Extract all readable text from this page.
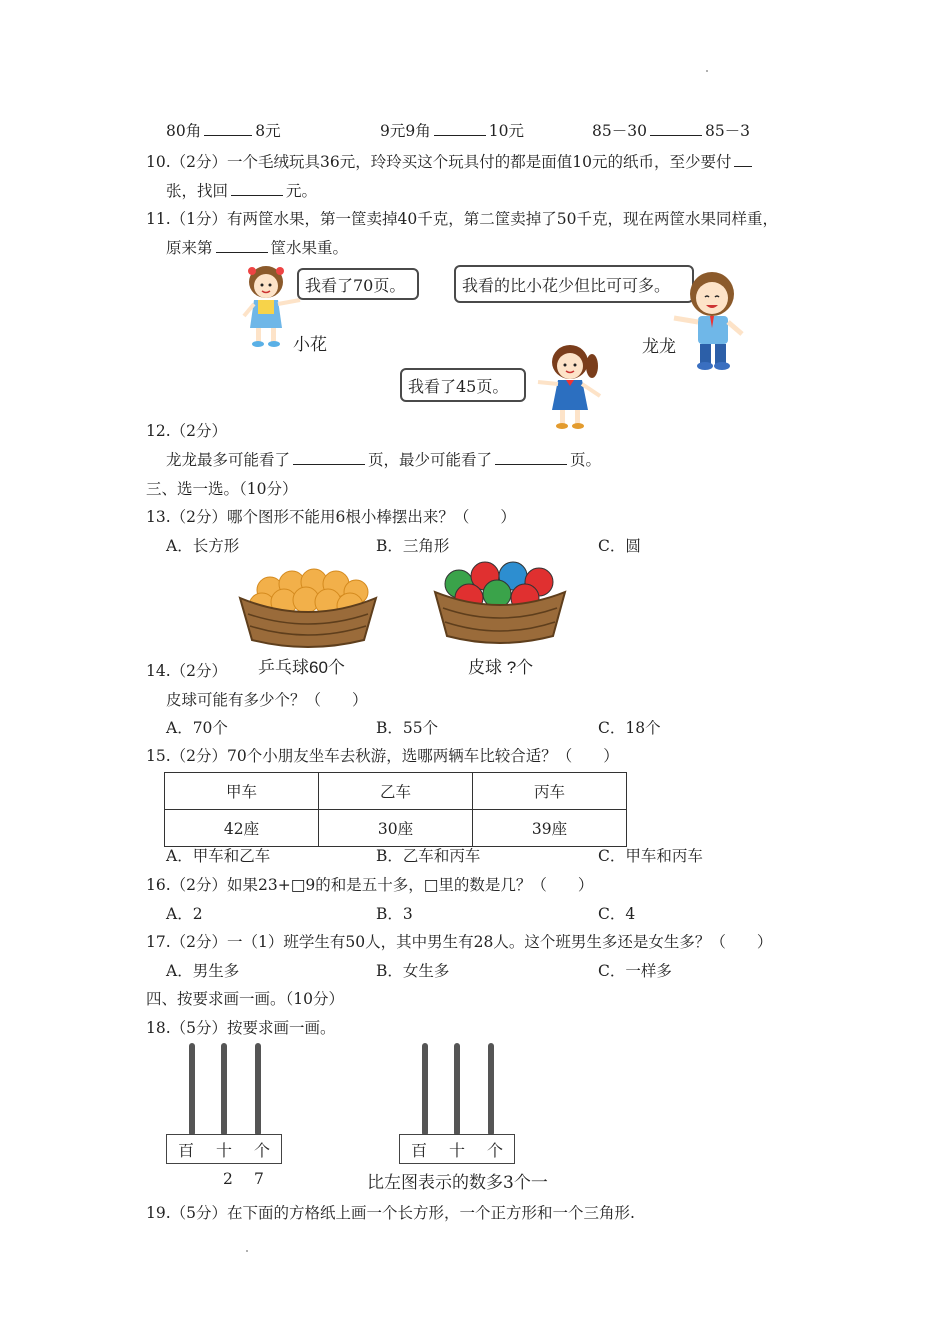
80角	8元	9元9角	10元	85－30	85－3
10.（2分）一个毛绒玩具36元，玲玲买这个玩具付的都是面值10元的纸币，至少要付
张，找回	元。
11.（1分）有两筐水果，第一筐卖掉40千克，第二筐卖掉了50千克，现在两筐水果同样重，
原来第	筐水果重。
我看了70页。
小花
我看的比小花少但比可可多。
龙龙
我看了45页。
12.（2分）
龙龙最多可能看了	页，最少可能看了	页。
三、选一选。（10分）
13.（2分）哪个图形不能用6根小棒摆出来？（　　）
A．长方形	B．三角形	C．圆
乒乓球60个	皮球 ?个
14.（2分）
皮球可能有多少个？（　　）
A．70个	B．55个	C．18个
15.（2分）70个小朋友坐车去秋游，选哪两辆车比较合适？（　　）
甲车	乙车	丙车
42座	30座	39座
A．甲车和乙车	B．乙车和丙车	C．甲车和丙车
16.（2分）如果23+□9的和是五十多，□里的数是几？（　　）
A．2	B．3	C．4
17.（2分）一（1）班学生有50人，其中男生有28人。这个班男生多还是女生多？（　　）
A．男生多	B．女生多	C．一样多
四、按要求画一画。（10分）
18.（5分）按要求画一画。
百 十 个
2 7
百 十 个
比左图表示的数多3个一
19.（5分）在下面的方格纸上画一个长方形，一个正方形和一个三角形.
